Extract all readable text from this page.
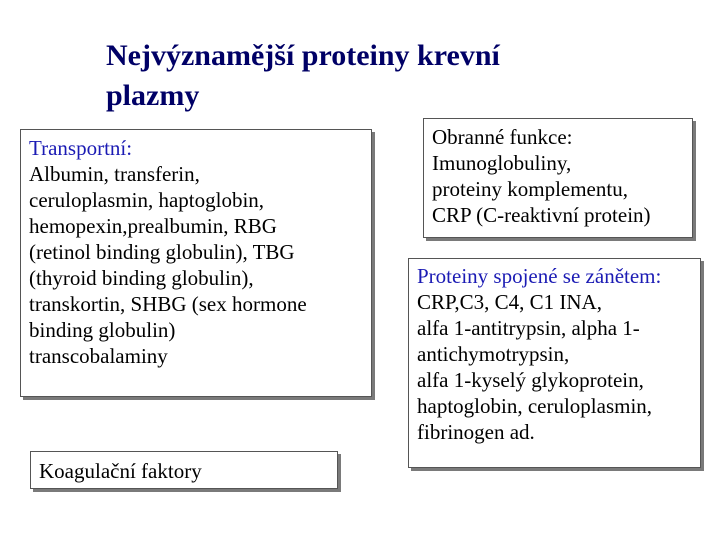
Nejvýznamější proteiny krevní
plazmy
Transportní:
Albumin, transferin,
ceruloplasmin, haptoglobin,
hemopexin,prealbumin, RBG
(retinol binding globulin), TBG
(thyroid binding globulin),
transkortin, SHBG (sex hormone
binding globulin)
transcobalaminy
Koagulační faktory
Obranné funkce:
Imunoglobuliny,
proteiny komplementu,
CRP (C-reaktivní protein)
Proteiny spojené se zánětem:
CRP,C3, C4, C1 INA,
alfa 1-antitrypsin, alpha 1-
antichymotrypsin,
alfa 1-kyselý glykoprotein,
haptoglobin, ceruloplasmin,
fibrinogen ad.
